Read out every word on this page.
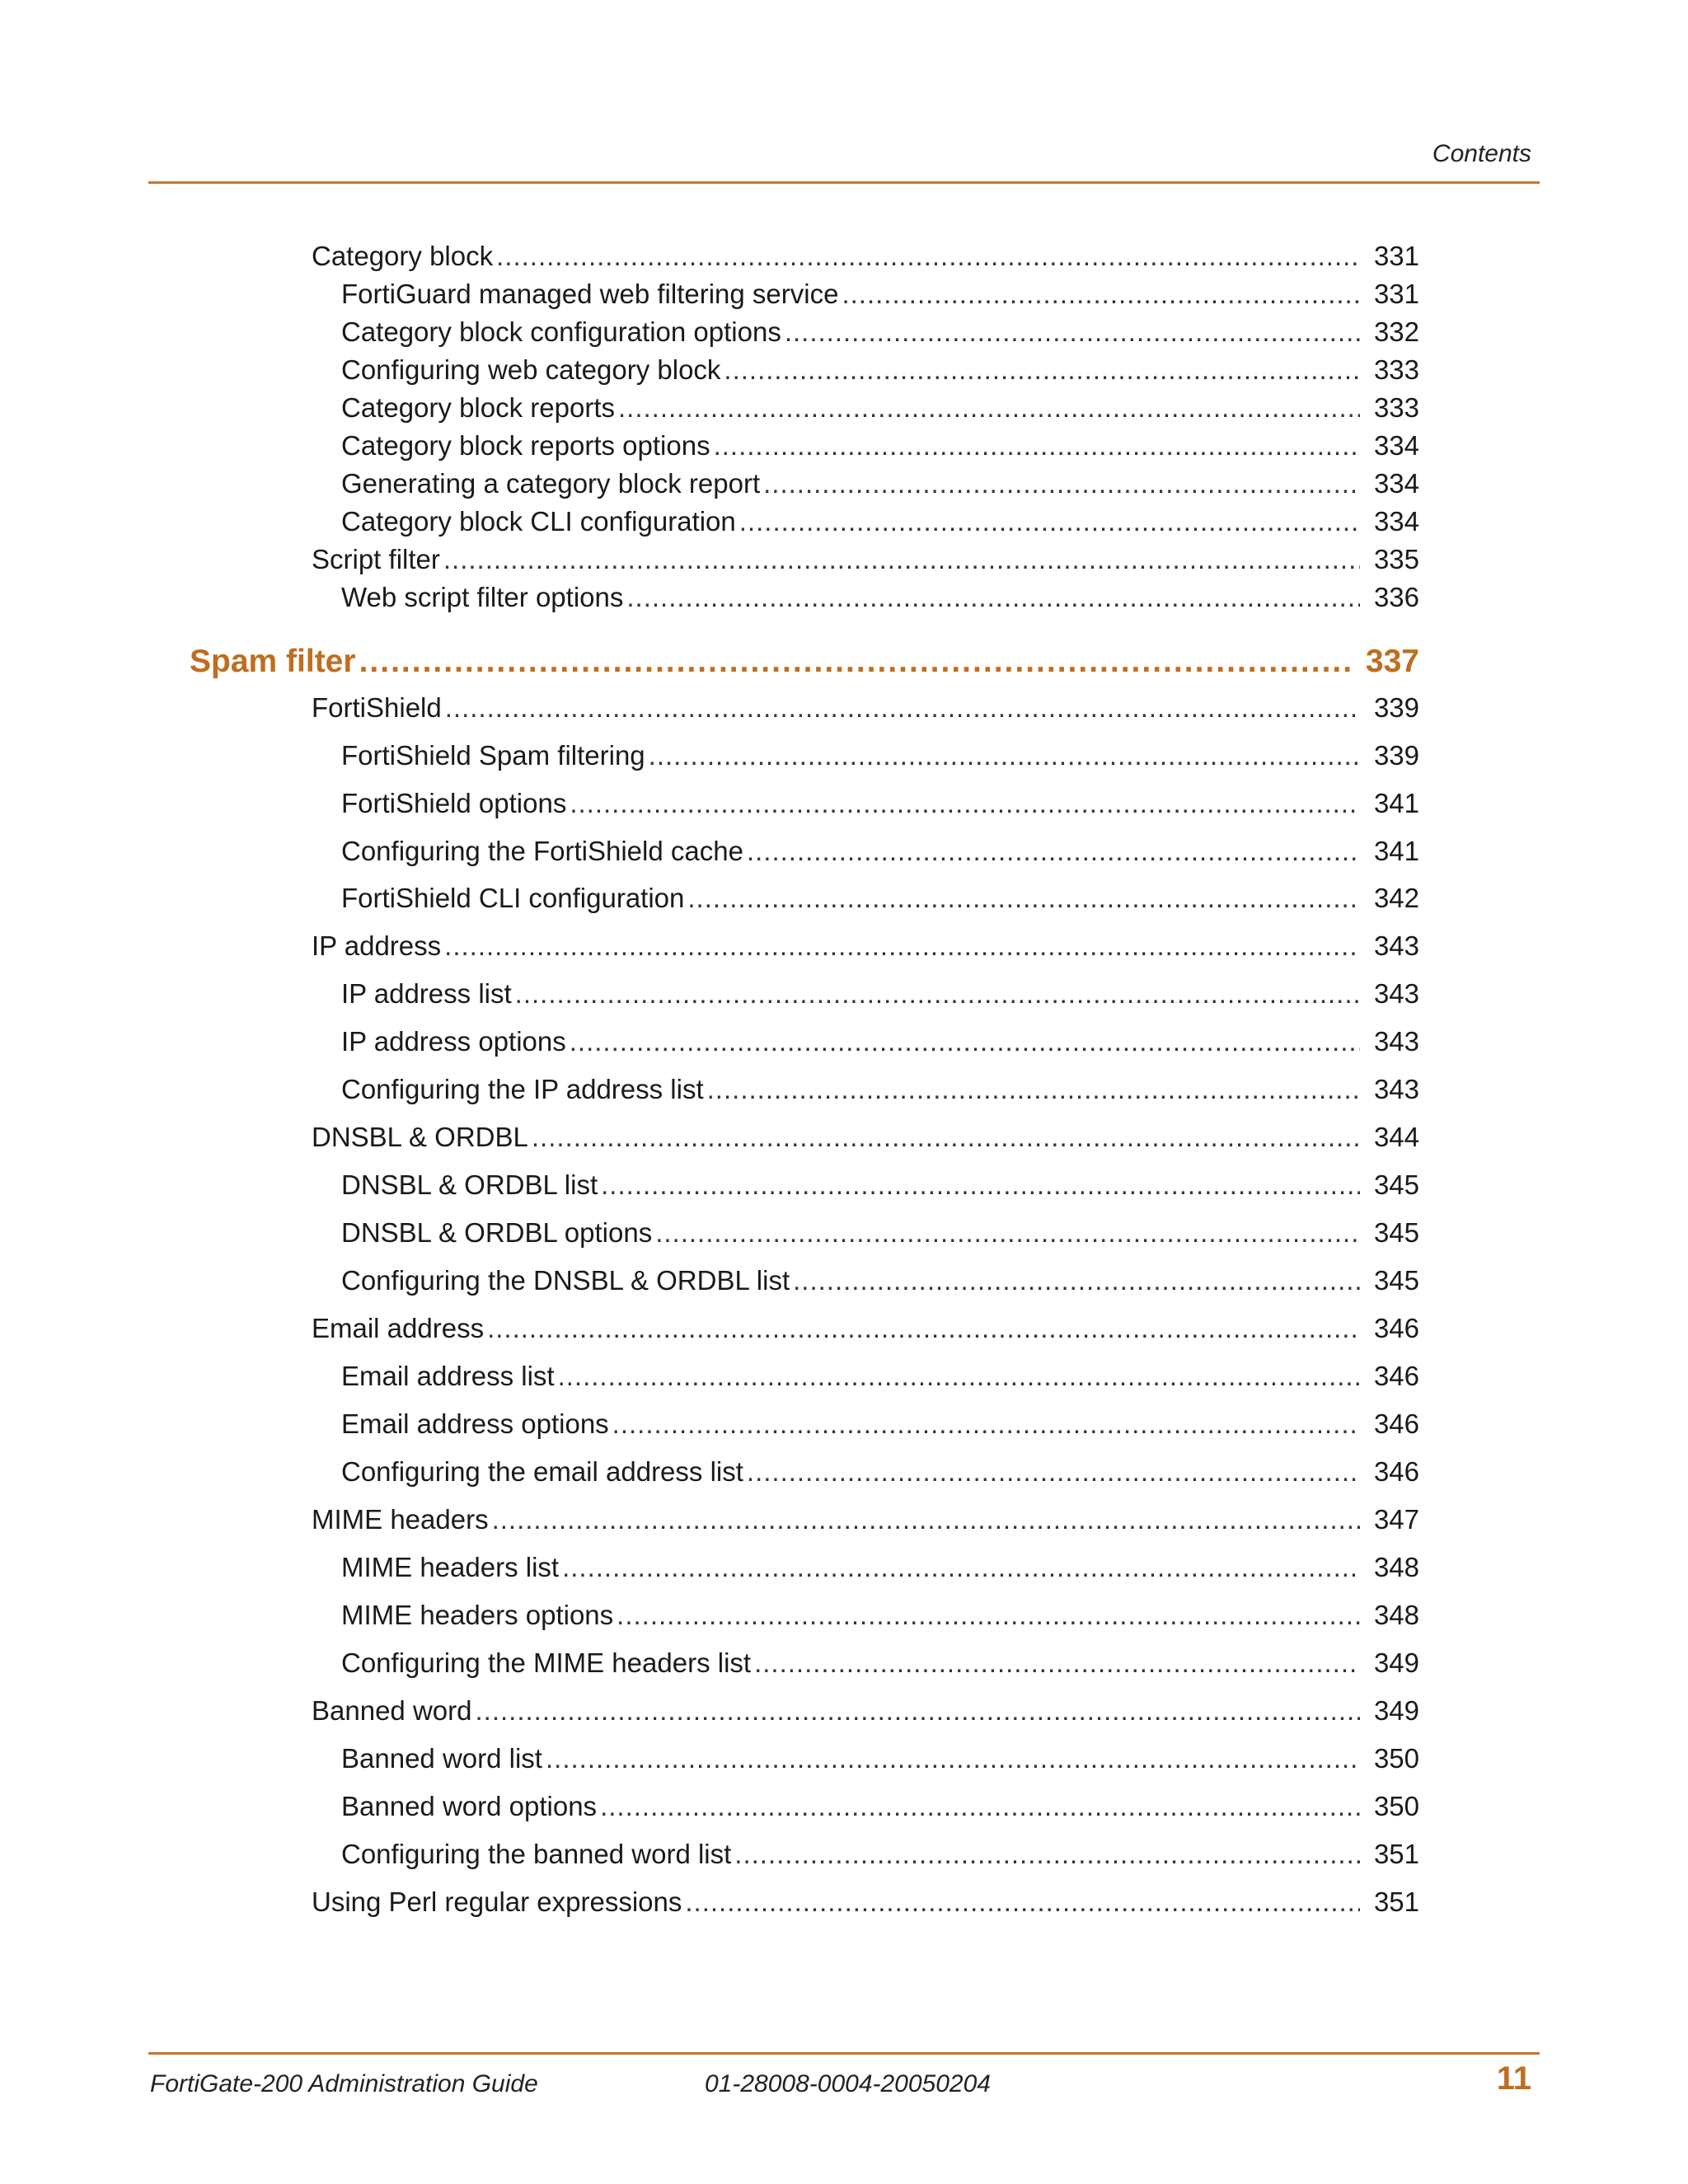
Contents
Category block .....	331
FortiGuard managed web filtering service .....	331
Category block configuration options .....	332
Configuring web category block .....	333
Category block reports .....	333
Category block reports options .....	334
Generating a category block report .....	334
Category block CLI configuration .....	334
Script filter .....	335
Web script filter options .....	336
Spam filter .....	337
FortiShield .....	339
FortiShield Spam filtering .....	339
FortiShield options .....	341
Configuring the FortiShield cache .....	341
FortiShield CLI configuration .....	342
IP address .....	343
IP address list .....	343
IP address options .....	343
Configuring the IP address list .....	343
DNSBL & ORDBL .....	344
DNSBL & ORDBL list .....	345
DNSBL & ORDBL options .....	345
Configuring the DNSBL & ORDBL list .....	345
Email address .....	346
Email address list .....	346
Email address options .....	346
Configuring the email address list .....	346
MIME headers .....	347
MIME headers list .....	348
MIME headers options .....	348
Configuring the MIME headers list .....	349
Banned word .....	349
Banned word list .....	350
Banned word options .....	350
Configuring the banned word list .....	351
Using Perl regular expressions .....	351
FortiGate-200 Administration Guide	01-28008-0004-20050204	11
